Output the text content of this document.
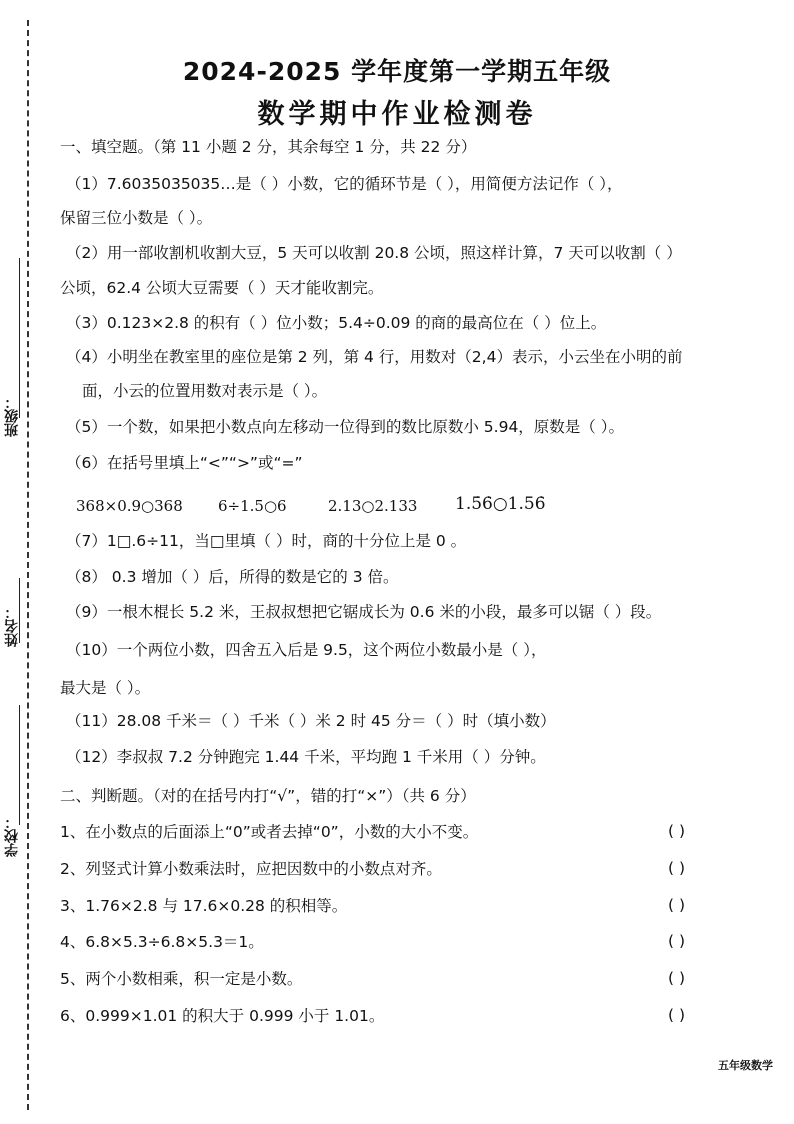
班级：
姓名：
学校：
2024-2025 学年度第一学期五年级
数学期中作业检测卷
一、填空题。（第 11 小题 2 分，其余每空 1 分，共 22 分）
（1）7.6035035035…是（ ）小数，它的循环节是（ ），用简便方法记作（ ），
保留三位小数是（ ）。
（2）用一部收割机收割大豆，5 天可以收割 20.8 公顷，照这样计算，7 天可以收割（ ）
公顷，62.4 公顷大豆需要（ ）天才能收割完。
（3）0.123×2.8 的积有（ ）位小数；5.4÷0.09 的商的最高位在（ ）位上。
（4）小明坐在教室里的座位是第 2 列，第 4 行，用数对（2,4）表示，小云坐在小明的前
面，小云的位置用数对表示是（ ）。
（5）一个数，如果把小数点向左移动一位得到的数比原数小 5.94，原数是（ ）。
（6）在括号里填上“<”“>”或“=”
368×0.9○368 6÷1.5○6	2.13○2.133 1.5̇6̇○1.56̇
（7）1□.6÷11，当□里填（ ）时，商的十分位上是 0 。
（8） 0.3 增加（ ）后，所得的数是它的 3 倍。
（9）一根木棍长 5.2 米，王叔叔想把它锯成长为 0.6 米的小段，最多可以锯（ ）段。
（10）一个两位小数，四舍五入后是 9.5，这个两位小数最小是（ ），
最大是（ ）。
（11）28.08 千米＝（ ）千米（ ）米 2 时 45 分＝（ ）时（填小数）
（12）李叔叔 7.2 分钟跑完 1.44 千米，平均跑 1 千米用（ ）分钟。
二、判断题。（对的在括号内打“√”，错的打“×”）（共 6 分）
1、在小数点的后面添上“0”或者去掉“0”，小数的大小不变。	( )
2、列竖式计算小数乘法时，应把因数中的小数点对齐。	( )
3、1.76×2.8 与 17.6×0.28 的积相等。	( )
4、6.8×5.3÷6.8×5.3＝1。	( )
5、两个小数相乘，积一定是小数。	( )
6、0.999×1.01 的积大于 0.999 小于 1.01。	( )
五年级数学
